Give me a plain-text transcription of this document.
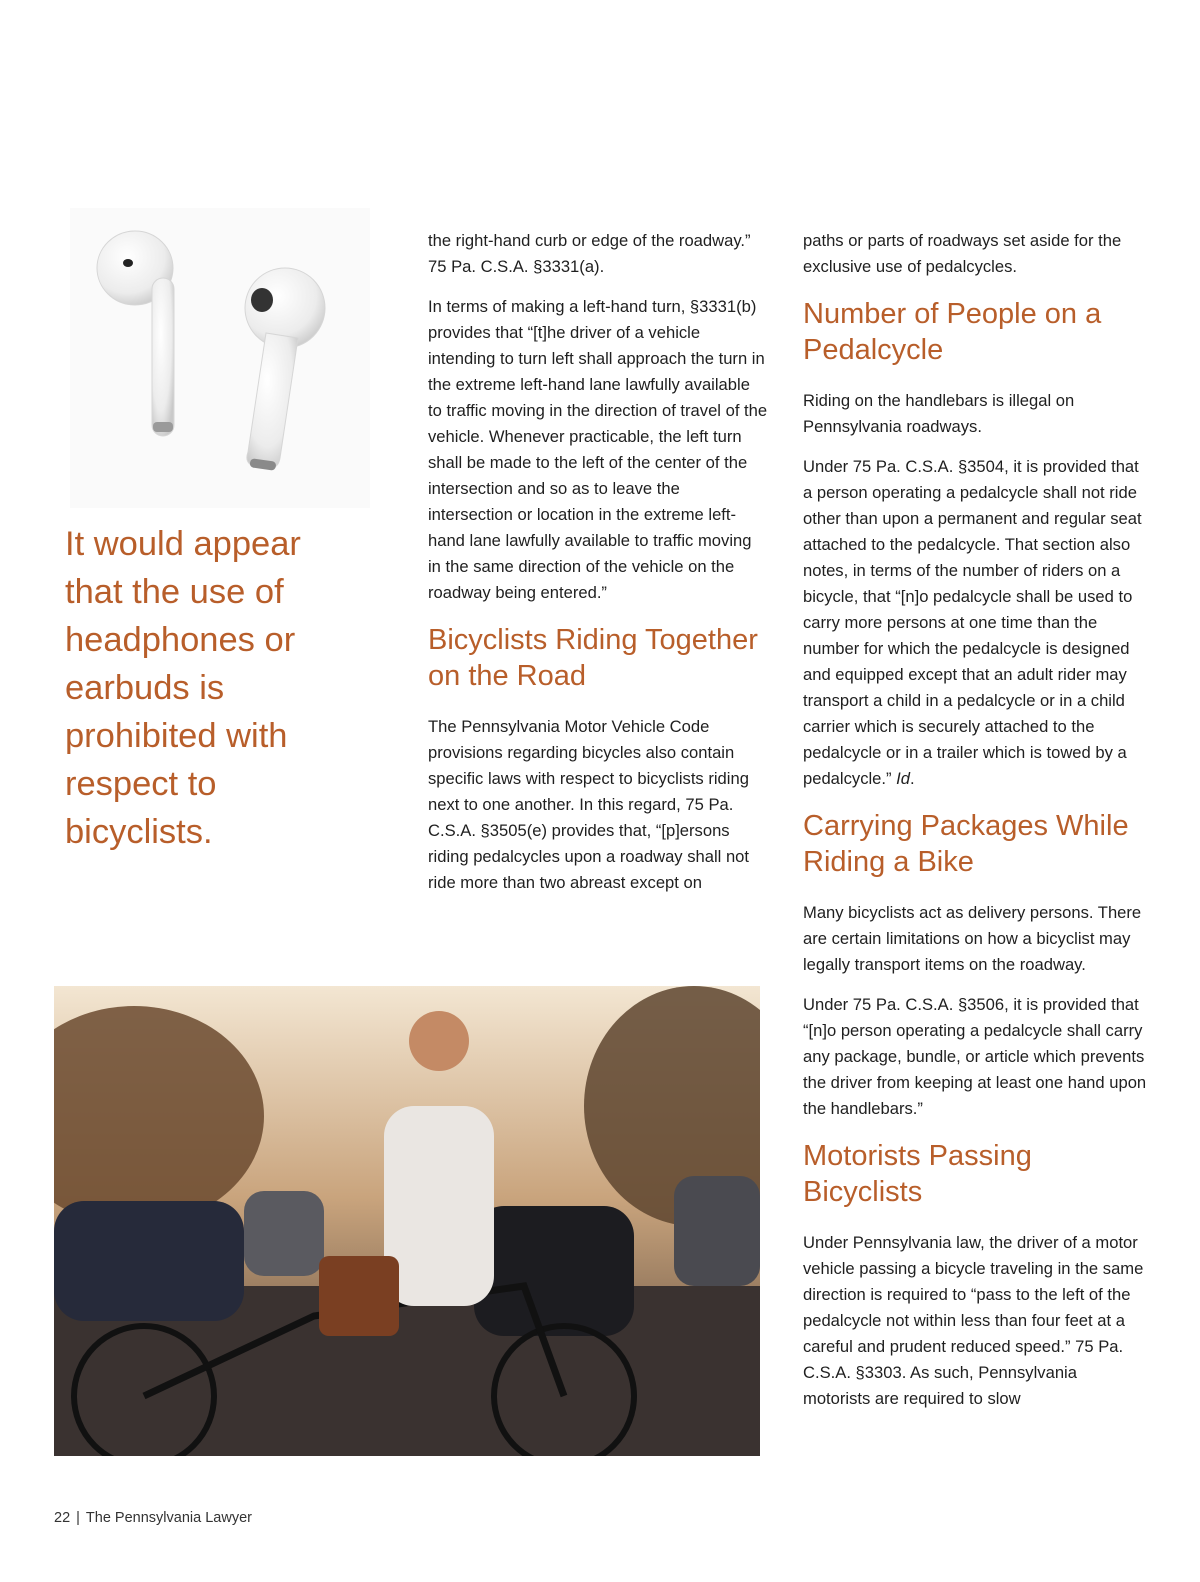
It would appear that the use of headphones or earbuds is prohibited with respect to bicyclists.

the right-hand curb or edge of the roadway.” 75 Pa. C.S.A. §3331(a).

In terms of making a left-hand turn, §3331(b) provides that “[t]he driver of a vehicle intending to turn left shall approach the turn in the extreme left-hand lane lawfully available to traffic moving in the direction of travel of the vehicle. Whenever practicable, the left turn shall be made to the left of the center of the intersection and so as to leave the intersection or location in the extreme left-hand lane lawfully available to traffic moving in the same direction of the vehicle on the roadway being entered.”

Bicyclists Riding Together on the Road

The Pennsylvania Motor Vehicle Code provisions regarding bicycles also contain specific laws with respect to bicyclists riding next to one another. In this regard, 75 Pa. C.S.A. §3505(e) provides that, “[p]ersons riding pedalcycles upon a roadway shall not ride more than two abreast except on

paths or parts of roadways set aside for the exclusive use of pedalcycles.

Number of People on a Pedalcycle

Riding on the handlebars is illegal on Pennsylvania roadways.

Under 75 Pa. C.S.A. §3504, it is provided that a person operating a pedalcycle shall not ride other than upon a permanent and regular seat attached to the pedalcycle. That section also notes, in terms of the number of riders on a bicycle, that “[n]o pedalcycle shall be used to carry more persons at one time than the number for which the pedalcycle is designed and equipped except that an adult rider may transport a child in a pedalcycle or in a child carrier which is securely attached to the pedalcycle or in a trailer which is towed by a pedalcycle.” Id.

Carrying Packages While Riding a Bike

Many bicyclists act as delivery persons. There are certain limitations on how a bicyclist may legally transport items on the roadway.

Under 75 Pa. C.S.A. §3506, it is provided that “[n]o person operating a pedalcycle shall carry any package, bundle, or article which prevents the driver from keeping at least one hand upon the handlebars.”

Motorists Passing Bicyclists

Under Pennsylvania law, the driver of a motor vehicle passing a bicycle traveling in the same direction is required to “pass to the left of the pedalcycle not within less than four feet at a careful and prudent reduced speed.” 75 Pa. C.S.A. §3303. As such, Pennsylvania motorists are required to slow

22 | The Pennsylvania Lawyer
